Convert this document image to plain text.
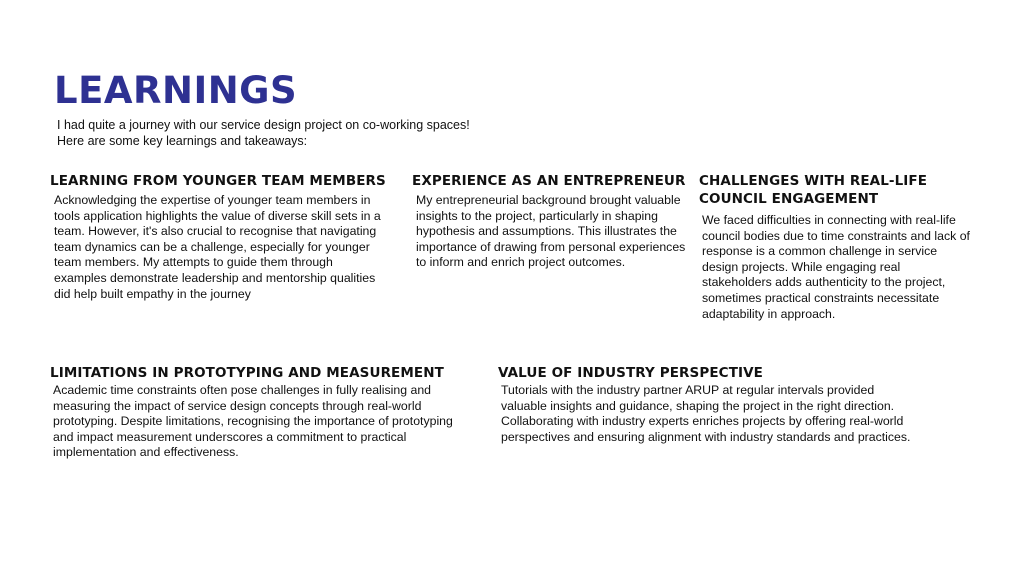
LEARNINGS

I had quite a journey with our service design project on co-working spaces! Here are some key learnings and takeaways:

LEARNING FROM YOUNGER TEAM MEMBERS

Acknowledging the expertise of younger team members in tools application highlights the value of diverse skill sets in a team. However, it's also crucial to recognise that navigating team dynamics can be a challenge, especially for younger team members. My attempts to guide them through examples demonstrate leadership and mentorship qualities did help built empathy in the journey

EXPERIENCE AS AN ENTREPRENEUR

My entrepreneurial background brought valuable insights to the project, particularly in shaping hypothesis and assumptions. This illustrates the importance of drawing from personal experiences to inform and enrich project outcomes.

CHALLENGES WITH REAL-LIFE COUNCIL ENGAGEMENT

We faced difficulties in connecting with real-life council bodies due to time constraints and lack of response is a common challenge in service design projects. While engaging real stakeholders adds authenticity to the project, sometimes practical constraints necessitate adaptability in approach.

LIMITATIONS IN PROTOTYPING AND MEASUREMENT

Academic time constraints often pose challenges in fully realising and measuring the impact of service design concepts through real-world prototyping. Despite limitations, recognising the importance of prototyping and impact measurement underscores a commitment to practical implementation and effectiveness.

VALUE OF INDUSTRY PERSPECTIVE

Tutorials with the industry partner ARUP at regular intervals provided valuable insights and guidance, shaping the project in the right direction. Collaborating with industry experts enriches projects by offering real-world perspectives and ensuring alignment with industry standards and practices.
